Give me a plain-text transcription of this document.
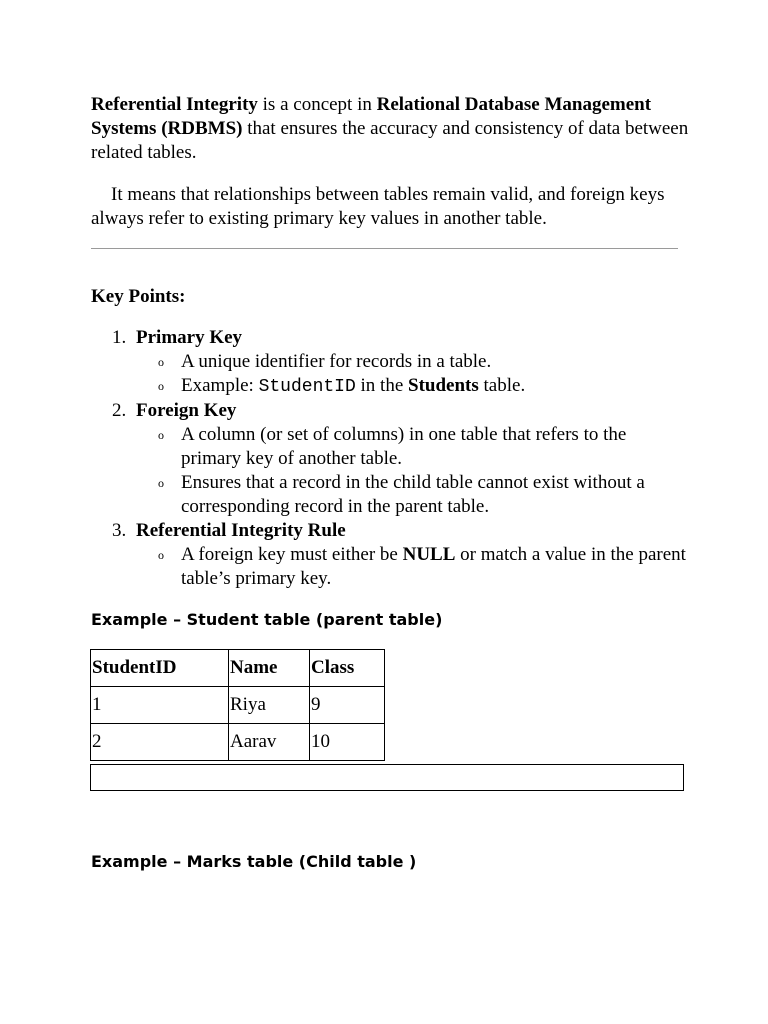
Referential Integrity is a concept in Relational Database Management Systems (RDBMS) that ensures the accuracy and consistency of data between related tables.

It means that relationships between tables remain valid, and foreign keys always refer to existing primary key values in another table.

Key Points:
1. Primary Key
o A unique identifier for records in a table.
o Example: StudentID in the Students table.
2. Foreign Key
o A column (or set of columns) in one table that refers to the primary key of another table.
o Ensures that a record in the child table cannot exist without a corresponding record in the parent table.
3. Referential Integrity Rule
o A foreign key must either be NULL or match a value in the parent table’s primary key.
Example – Student table (parent table)
StudentID	Name	Class
1	Riya	9
2	Aarav	10
Example – Marks table (Child table )
